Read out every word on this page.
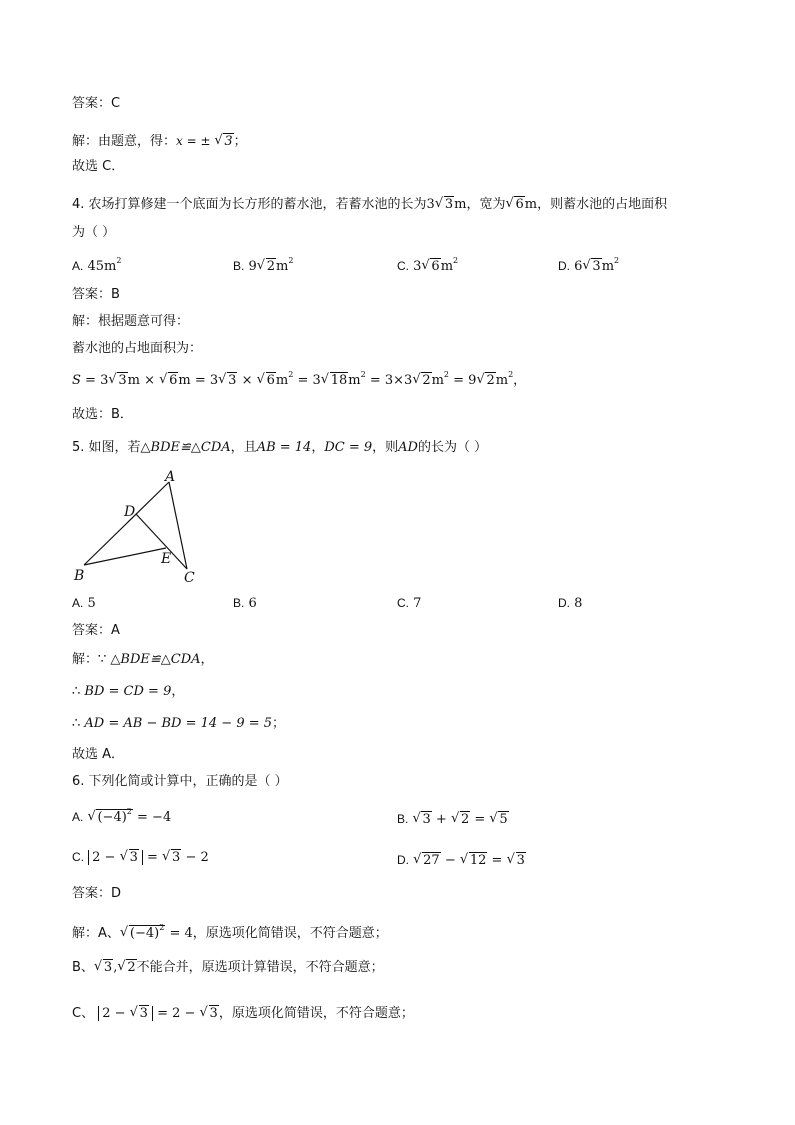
答案：C
解：由题意，得：x = ± √ 3；
故选 C．
4. 农场打算修建一个底面为长方形的蓄水池，若蓄水池的长为3√ 3m，宽为√ 6m，则蓄水池的占地面积
为（ ）
A. $45m^2$	B. 9√ $2m^2$	C. 3√ $6m^2$	D. 6√ $3m^2$
答案：B
解：根据题意可得：
蓄水池的占地面积为：
S = 3√ 3m × √ 6m = 3√ 3 × √ $6m^2 = 3√$ $18m^2 = 3\times 3√$ $2m^2 = 9√$ $2m^2$，
故选：B．
5. 如图，若△BDE≌△CDA，且AB = 14，DC = 9，则AD的长为（ ）
A
D
E
B	C
A. 5	B. 6	C. 7	D. 8
答案：A
解：∵ △BDE≌△CDA，
∴ BD = CD = 9，
∴ AD = AB − BD = 14 − 9 = 5；
故选 A．
6. 下列化简或计算中，正确的是（ ）
A. √ $(-4)^2 = -4$	B. √ 3 + √ 2 = √ 5
C. 2 − √ 3 = √ 3 − 2	D. √ 27 − √ 12 = √ 3
答案：D
解：A、√ $(-4)^2 = 4$，原选项化简错误，不符合题意；
B、√ 3,√ 2不能合并，原选项计算错误，不符合题意；
C、 2 − √ 3 = 2 − √ 3，原选项化简错误，不符合题意；
